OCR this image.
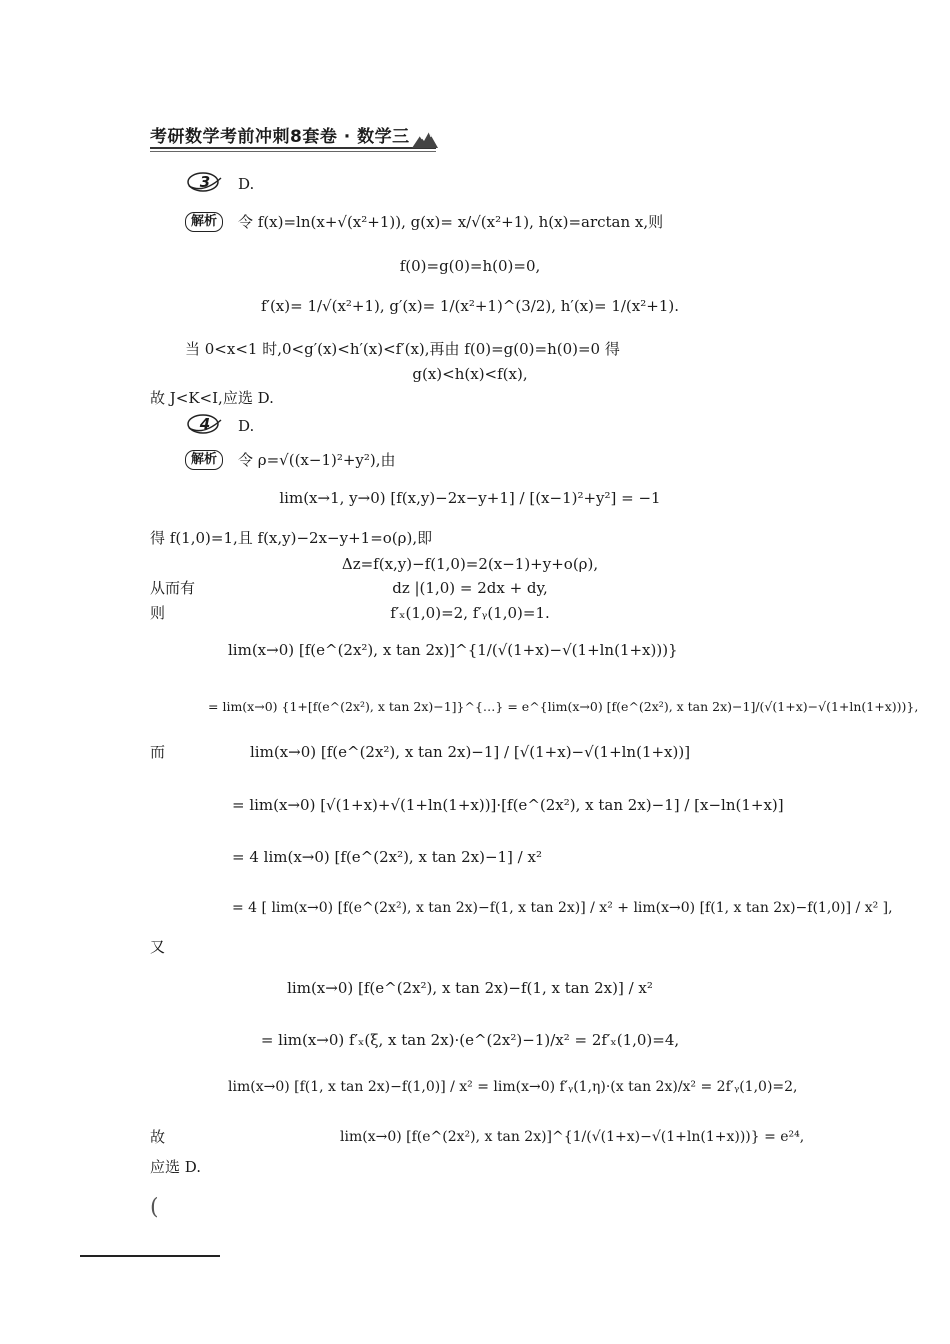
考研数学考前冲刺8套卷 · 数学三
3	D.
解析	令 f(x)=ln(x+√(x²+1)), g(x)= x/√(x²+1), h(x)=arctan x,则
f(0)=g(0)=h(0)=0,
f′(x)= 1/√(x²+1), g′(x)= 1/(x²+1)^(3/2), h′(x)= 1/(x²+1).
当 0<x<1 时,0<g′(x)<h′(x)<f′(x),再由 f(0)=g(0)=h(0)=0 得
g(x)<h(x)<f(x),
故 J<K<I,应选 D.
4	D.
解析	令 ρ=√((x−1)²+y²),由
lim(x→1, y→0) [f(x,y)−2x−y+1] / [(x−1)²+y²] = −1
得 f(1,0)=1,且 f(x,y)−2x−y+1=o(ρ),即
Δz=f(x,y)−f(1,0)=2(x−1)+y+o(ρ),
从而有	dz |(1,0) = 2dx + dy,
则	f′ₓ(1,0)=2, f′ᵧ(1,0)=1.
lim(x→0) [f(e^(2x²), x tan 2x)]^{1/(√(1+x)−√(1+ln(1+x)))}
= lim(x→0) {1+[f(e^(2x²), x tan 2x)−1]}^{…} = e^{lim(x→0) [f(e^(2x²), x tan 2x)−1]/(√(1+x)−√(1+ln(1+x)))},
而	lim(x→0) [f(e^(2x²), x tan 2x)−1] / [√(1+x)−√(1+ln(1+x))]
= lim(x→0) [√(1+x)+√(1+ln(1+x))]·[f(e^(2x²), x tan 2x)−1] / [x−ln(1+x)]
= 4 lim(x→0) [f(e^(2x²), x tan 2x)−1] / x²
= 4 [ lim(x→0) [f(e^(2x²), x tan 2x)−f(1, x tan 2x)] / x² + lim(x→0) [f(1, x tan 2x)−f(1,0)] / x² ],
又
lim(x→0) [f(e^(2x²), x tan 2x)−f(1, x tan 2x)] / x²
= lim(x→0) f′ₓ(ξ, x tan 2x)·(e^(2x²)−1)/x² = 2f′ₓ(1,0)=4,
lim(x→0) [f(1, x tan 2x)−f(1,0)] / x² = lim(x→0) f′ᵧ(1,η)·(x tan 2x)/x² = 2f′ᵧ(1,0)=2,
故	lim(x→0) [f(e^(2x²), x tan 2x)]^{1/(√(1+x)−√(1+ln(1+x)))} = e²⁴,
应选 D.
(
